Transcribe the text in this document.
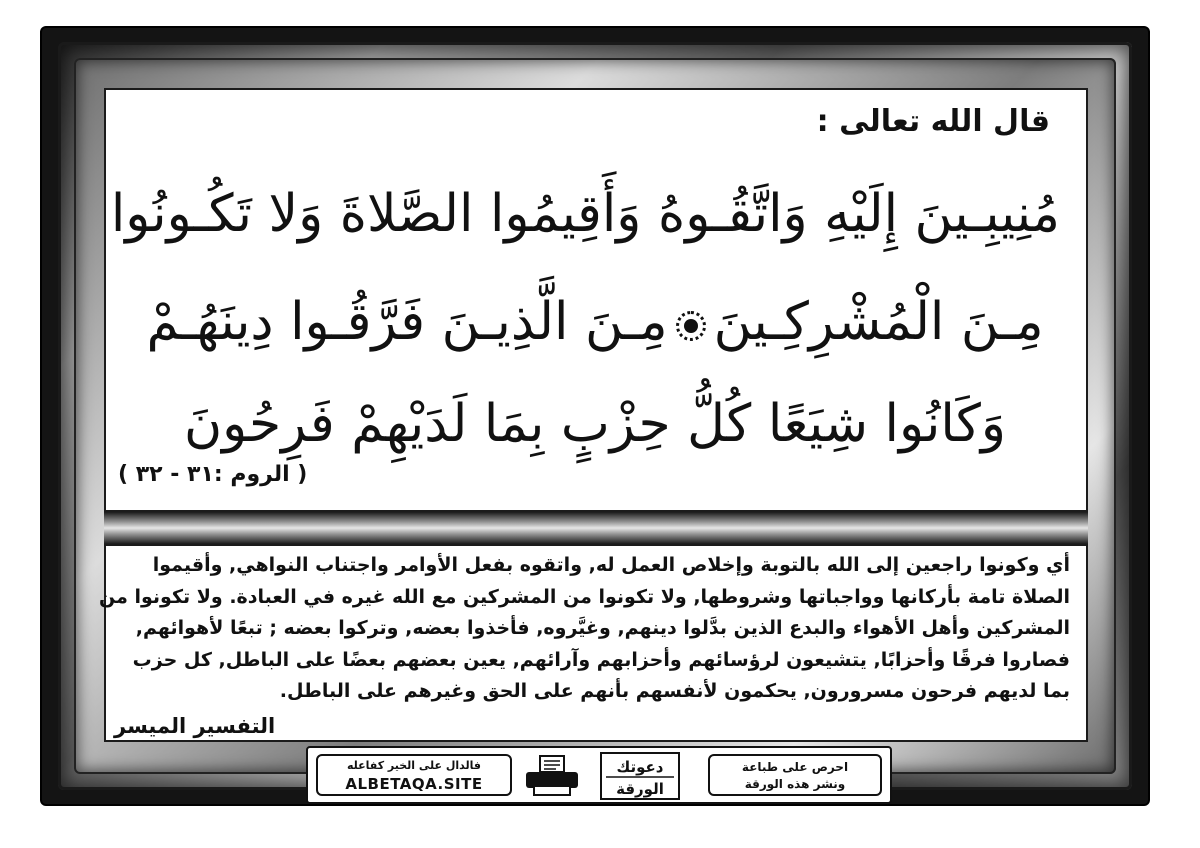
قال الله تعالى :
مُنِيبِـينَ إِلَيْهِ وَاتَّقُـوهُ وَأَقِيمُوا الصَّلاةَ وَلا تَكُـونُوا
مِـنَ الْمُشْرِكِـينَمِـنَ الَّذِيـنَ فَرَّقُـوا دِينَهُـمْ
وَكَانُوا شِيَعًا كُلُّ حِزْبٍ بِمَا لَدَيْهِمْ فَرِحُونَ
( الروم :٣١ - ٣٢ )

أي وكونوا راجعين إلى الله بالتوبة وإخلاص العمل له, واتقوه بفعل الأوامر واجتناب النواهي, وأقيموا

الصلاة تامة بأركانها وواجباتها وشروطها, ولا تكونوا من المشركين مع الله غيره في العبادة. ولا تكونوا من

المشركين وأهل الأهواء والبدع الذين بدَّلوا دينهم, وغيَّروه, فأخذوا بعضه, وتركوا بعضه ; تبعًا لأهوائهم,

فصاروا فرقًا وأحزابًا, يتشيعون لرؤسائهم وأحزابهم وآرائهم, يعين بعضهم بعضًا على الباطل, كل حزب

بما لديهم فرحون مسرورون, يحكمون لأنفسهم بأنهم على الحق وغيرهم على الباطل.

التفسير الميسر
فالدال على الخير كفاعله
ALBETAQA.SITE
دعوتك
الورقة
احرص على طباعة
ونشر هذه الورقة
